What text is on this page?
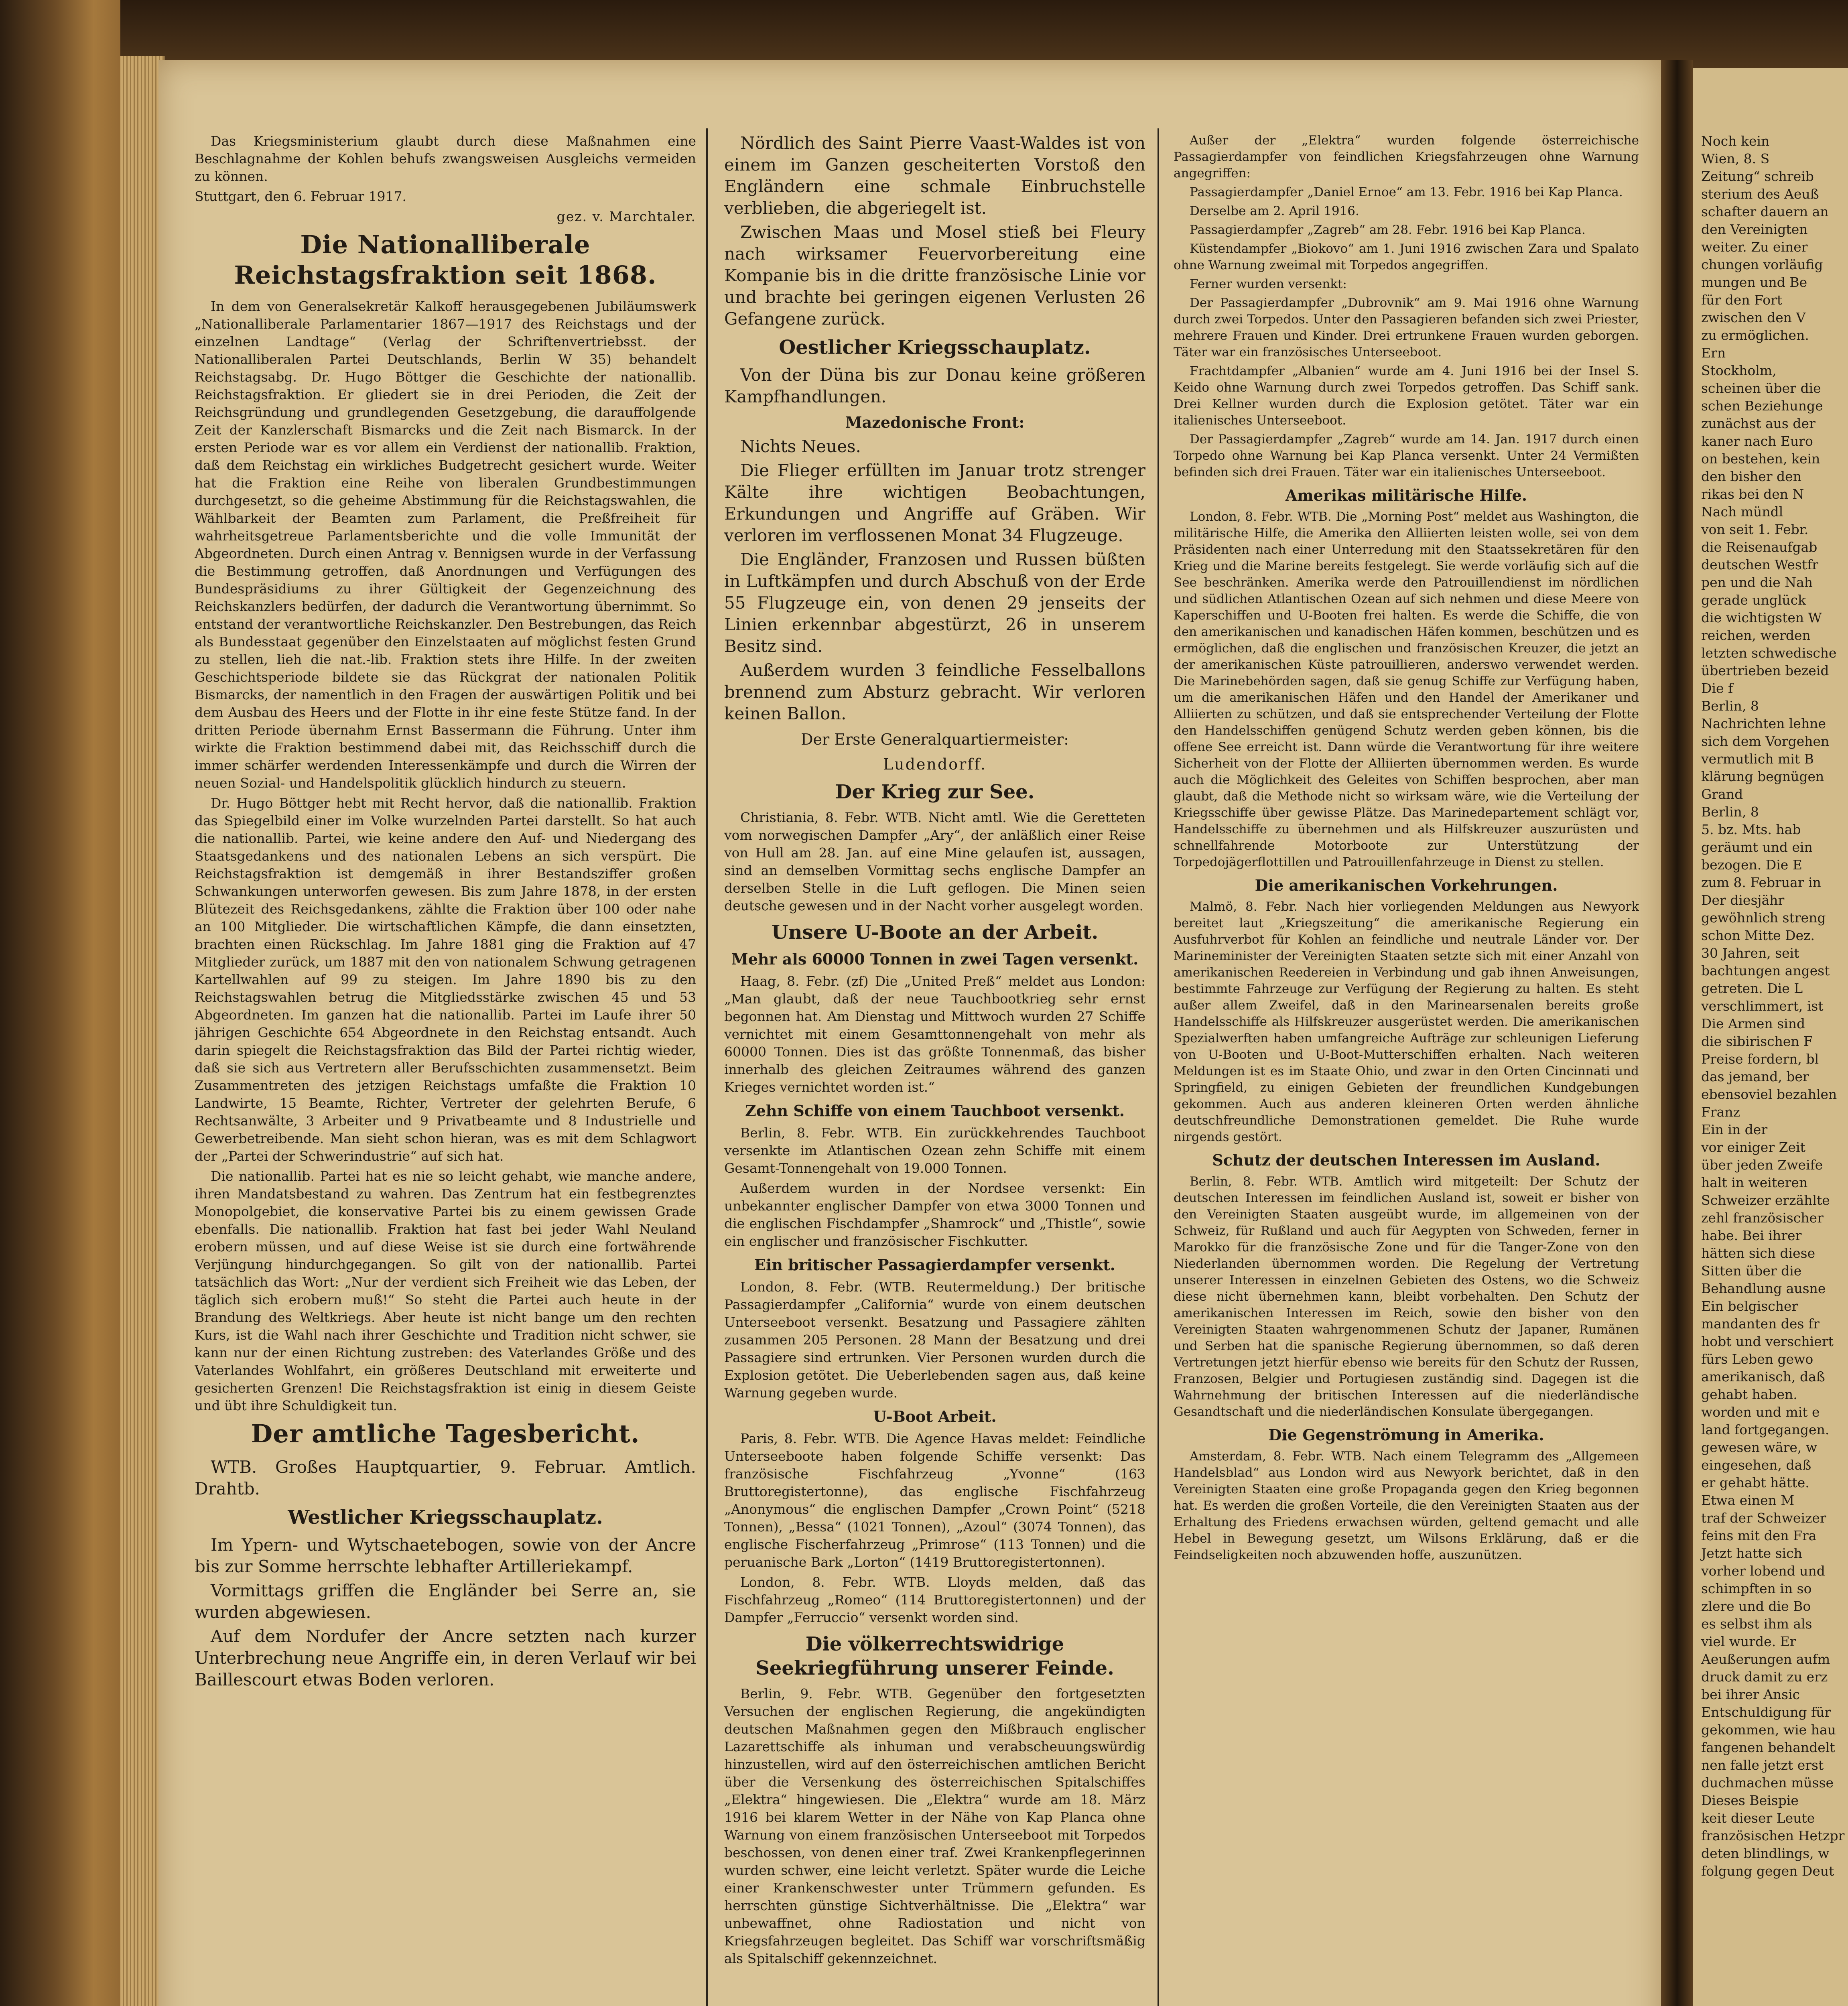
Das Kriegsministerium glaubt durch diese Maßnahmen eine Beschlagnahme der Kohlen behufs zwangsweisen Ausgleichs vermeiden zu können.

Stuttgart, den 6. Februar 1917.

gez. v. Marchtaler.
Die Nationalliberale Reichstagsfraktion seit 1868.

In dem von Generalsekretär Kalkoff herausgegebenen Jubiläumswerk „Nationalliberale Parlamentarier 1867—1917 des Reichstags und der einzelnen Landtage“ (Verlag der Schriftenvertriebsst. der Nationalliberalen Partei Deutschlands, Berlin W 35) behandelt Reichstagsabg. Dr. Hugo Böttger die Geschichte der nationallib. Reichstagsfraktion. Er gliedert sie in drei Perioden, die Zeit der Reichsgründung und grundlegenden Gesetzgebung, die darauffolgende Zeit der Kanzlerschaft Bismarcks und die Zeit nach Bismarck. In der ersten Periode war es vor allem ein Verdienst der nationallib. Fraktion, daß dem Reichstag ein wirkliches Budgetrecht gesichert wurde. Weiter hat die Fraktion eine Reihe von liberalen Grundbestimmungen durchgesetzt, so die geheime Abstimmung für die Reichstagswahlen, die Wählbarkeit der Beamten zum Parlament, die Preßfreiheit für wahrheitsgetreue Parlamentsberichte und die volle Immunität der Abgeordneten. Durch einen Antrag v. Bennigsen wurde in der Verfassung die Bestimmung getroffen, daß Anordnungen und Verfügungen des Bundespräsidiums zu ihrer Gültigkeit der Gegenzeichnung des Reichskanzlers bedürfen, der dadurch die Verantwortung übernimmt. So entstand der verantwortliche Reichskanzler. Den Bestrebungen, das Reich als Bundesstaat gegenüber den Einzelstaaten auf möglichst festen Grund zu stellen, lieh die nat.-lib. Fraktion stets ihre Hilfe. In der zweiten Geschichtsperiode bildete sie das Rückgrat der nationalen Politik Bismarcks, der namentlich in den Fragen der auswärtigen Politik und bei dem Ausbau des Heers und der Flotte in ihr eine feste Stütze fand. In der dritten Periode übernahm Ernst Bassermann die Führung. Unter ihm wirkte die Fraktion bestimmend dabei mit, das Reichsschiff durch die immer schärfer werdenden Interessenkämpfe und durch die Wirren der neuen Sozial- und Handelspolitik glücklich hindurch zu steuern.

Dr. Hugo Böttger hebt mit Recht hervor, daß die nationallib. Fraktion das Spiegelbild einer im Volke wurzelnden Partei darstellt. So hat auch die nationallib. Partei, wie keine andere den Auf- und Niedergang des Staatsgedankens und des nationalen Lebens an sich verspürt. Die Reichstagsfraktion ist demgemäß in ihrer Bestandsziffer großen Schwankungen unterworfen gewesen. Bis zum Jahre 1878, in der ersten Blütezeit des Reichsgedankens, zählte die Fraktion über 100 oder nahe an 100 Mitglieder. Die wirtschaftlichen Kämpfe, die dann einsetzten, brachten einen Rückschlag. Im Jahre 1881 ging die Fraktion auf 47 Mitglieder zurück, um 1887 mit den von nationalem Schwung getragenen Kartellwahlen auf 99 zu steigen. Im Jahre 1890 bis zu den Reichstagswahlen betrug die Mitgliedsstärke zwischen 45 und 53 Abgeordneten. Im ganzen hat die nationallib. Partei im Laufe ihrer 50 jährigen Geschichte 654 Abgeordnete in den Reichstag entsandt. Auch darin spiegelt die Reichstagsfraktion das Bild der Partei richtig wieder, daß sie sich aus Vertretern aller Berufsschichten zusammensetzt. Beim Zusammentreten des jetzigen Reichstags umfaßte die Fraktion 10 Landwirte, 15 Beamte, Richter, Vertreter der gelehrten Berufe, 6 Rechtsanwälte, 3 Arbeiter und 9 Privatbeamte und 8 Industrielle und Gewerbetreibende. Man sieht schon hieran, was es mit dem Schlagwort der „Partei der Schwerindustrie“ auf sich hat.

Die nationallib. Partei hat es nie so leicht gehabt, wie manche andere, ihren Mandatsbestand zu wahren. Das Zentrum hat ein festbegrenztes Monopolgebiet, die konservative Partei bis zu einem gewissen Grade ebenfalls. Die nationallib. Fraktion hat fast bei jeder Wahl Neuland erobern müssen, und auf diese Weise ist sie durch eine fortwährende Verjüngung hindurchgegangen. So gilt von der nationallib. Partei tatsächlich das Wort: „Nur der verdient sich Freiheit wie das Leben, der täglich sich erobern muß!“ So steht die Partei auch heute in der Brandung des Weltkriegs. Aber heute ist nicht bange um den rechten Kurs, ist die Wahl nach ihrer Geschichte und Tradition nicht schwer, sie kann nur der einen Richtung zustreben: des Vaterlandes Größe und des Vaterlandes Wohlfahrt, ein größeres Deutschland mit erweiterte und gesicherten Grenzen! Die Reichstagsfraktion ist einig in diesem Geiste und übt ihre Schuldigkeit tun.

Der amtliche Tagesbericht.

WTB. Großes Hauptquartier, 9. Februar. Amtlich. Drahtb.

Westlicher Kriegsschauplatz.

Im Ypern- und Wytschaetebogen, sowie von der Ancre bis zur Somme herrschte lebhafter Artilleriekampf.

Vormittags griffen die Engländer bei Serre an, sie wurden abgewiesen.

Auf dem Nordufer der Ancre setzten nach kurzer Unterbrechung neue Angriffe ein, in deren Verlauf wir bei Baillescourt etwas Boden verloren.

Nördlich des Saint Pierre Vaast-Waldes ist von einem im Ganzen gescheiterten Vorstoß den Engländern eine schmale Einbruchstelle verblieben, die abgeriegelt ist.

Zwischen Maas und Mosel stieß bei Fleury nach wirksamer Feuervorbereitung eine Kompanie bis in die dritte französische Linie vor und brachte bei geringen eigenen Verlusten 26 Gefangene zurück.

Oestlicher Kriegsschauplatz.

Von der Düna bis zur Donau keine größeren Kampfhandlungen.

Mazedonische Front:

Nichts Neues.

Die Flieger erfüllten im Januar trotz strenger Kälte ihre wichtigen Beobachtungen, Erkundungen und Angriffe auf Gräben. Wir verloren im verflossenen Monat 34 Flugzeuge.

Die Engländer, Franzosen und Russen büßten in Luftkämpfen und durch Abschuß von der Erde 55 Flugzeuge ein, von denen 29 jenseits der Linien erkennbar abgestürzt, 26 in unserem Besitz sind.

Außerdem wurden 3 feindliche Fesselballons brennend zum Absturz gebracht. Wir verloren keinen Ballon.

Der Erste Generalquartiermeister:
Ludendorff.
Der Krieg zur See.

Christiania, 8. Febr. WTB. Nicht amtl. Wie die Geretteten vom norwegischen Dampfer „Ary“, der anläßlich einer Reise von Hull am 28. Jan. auf eine Mine gelaufen ist, aussagen, sind an demselben Vormittag sechs englische Dampfer an derselben Stelle in die Luft geflogen. Die Minen seien deutsche gewesen und in der Nacht vorher ausgelegt worden.

Unsere U-Boote an der Arbeit.
Mehr als 60000 Tonnen in zwei Tagen versenkt.

Haag, 8. Febr. (zf) Die „United Preß“ meldet aus London: „Man glaubt, daß der neue Tauchbootkrieg sehr ernst begonnen hat. Am Dienstag und Mittwoch wurden 27 Schiffe vernichtet mit einem Gesamttonnengehalt von mehr als 60000 Tonnen. Dies ist das größte Tonnenmaß, das bisher innerhalb des gleichen Zeitraumes während des ganzen Krieges vernichtet worden ist.“

Zehn Schiffe von einem Tauchboot versenkt.

Berlin, 8. Febr. WTB. Ein zurückkehrendes Tauchboot versenkte im Atlantischen Ozean zehn Schiffe mit einem Gesamt-Tonnengehalt von 19.000 Tonnen.

Außerdem wurden in der Nordsee versenkt: Ein unbekannter englischer Dampfer von etwa 3000 Tonnen und die englischen Fischdampfer „Shamrock“ und „Thistle“, sowie ein englischer und französischer Fischkutter.

Ein britischer Passagierdampfer versenkt.

London, 8. Febr. (WTB. Reutermeldung.) Der britische Passagierdampfer „California“ wurde von einem deutschen Unterseeboot versenkt. Besatzung und Passagiere zählten zusammen 205 Personen. 28 Mann der Besatzung und drei Passagiere sind ertrunken. Vier Personen wurden durch die Explosion getötet. Die Ueberlebenden sagen aus, daß keine Warnung gegeben wurde.

U-Boot Arbeit.

Paris, 8. Febr. WTB. Die Agence Havas meldet: Feindliche Unterseeboote haben folgende Schiffe versenkt: Das französische Fischfahrzeug „Yvonne“ (163 Bruttoregistertonne), das englische Fischfahrzeug „Anonymous“ die englischen Dampfer „Crown Point“ (5218 Tonnen), „Bessa“ (1021 Tonnen), „Azoul“ (3074 Tonnen), das englische Fischerfahrzeug „Primrose“ (113 Tonnen) und die peruanische Bark „Lorton“ (1419 Bruttoregistertonnen).

London, 8. Febr. WTB. Lloyds melden, daß das Fischfahrzeug „Romeo“ (114 Bruttoregistertonnen) und der Dampfer „Ferruccio“ versenkt worden sind.

Die völkerrechtswidrige Seekriegführung unserer Feinde.

Berlin, 9. Febr. WTB. Gegenüber den fortgesetzten Versuchen der englischen Regierung, die angekündigten deutschen Maßnahmen gegen den Mißbrauch englischer Lazarettschiffe als inhuman und verabscheuungswürdig hinzustellen, wird auf den österreichischen amtlichen Bericht über die Versenkung des österreichischen Spitalschiffes „Elektra“ hingewiesen. Die „Elektra“ wurde am 18. März 1916 bei klarem Wetter in der Nähe von Kap Planca ohne Warnung von einem französischen Unterseeboot mit Torpedos beschossen, von denen einer traf. Zwei Krankenpflegerinnen wurden schwer, eine leicht verletzt. Später wurde die Leiche einer Krankenschwester unter Trümmern gefunden. Es herrschten günstige Sichtverhältnisse. Die „Elektra“ war unbewaffnet, ohne Radiostation und nicht von Kriegsfahrzeugen begleitet. Das Schiff war vorschriftsmäßig als Spitalschiff gekennzeichnet.

Außer der „Elektra“ wurden folgende österreichische Passagierdampfer von feindlichen Kriegsfahrzeugen ohne Warnung angegriffen:

Passagierdampfer „Daniel Ernoe“ am 13. Febr. 1916 bei Kap Planca.

Derselbe am 2. April 1916.

Passagierdampfer „Zagreb“ am 28. Febr. 1916 bei Kap Planca.

Küstendampfer „Biokovo“ am 1. Juni 1916 zwischen Zara und Spalato ohne Warnung zweimal mit Torpedos angegriffen.

Ferner wurden versenkt:

Der Passagierdampfer „Dubrovnik“ am 9. Mai 1916 ohne Warnung durch zwei Torpedos. Unter den Passagieren befanden sich zwei Priester, mehrere Frauen und Kinder. Drei ertrunkene Frauen wurden geborgen. Täter war ein französisches Unterseeboot.

Frachtdampfer „Albanien“ wurde am 4. Juni 1916 bei der Insel S. Keido ohne Warnung durch zwei Torpedos getroffen. Das Schiff sank. Drei Kellner wurden durch die Explosion getötet. Täter war ein italienisches Unterseeboot.

Der Passagierdampfer „Zagreb“ wurde am 14. Jan. 1917 durch einen Torpedo ohne Warnung bei Kap Planca versenkt. Unter 24 Vermißten befinden sich drei Frauen. Täter war ein italienisches Unterseeboot.

Amerikas militärische Hilfe.

London, 8. Febr. WTB. Die „Morning Post“ meldet aus Washington, die militärische Hilfe, die Amerika den Alliierten leisten wolle, sei von dem Präsidenten nach einer Unterredung mit den Staatssekretären für den Krieg und die Marine bereits festgelegt. Sie werde vorläufig sich auf die See beschränken. Amerika werde den Patrouillendienst im nördlichen und südlichen Atlantischen Ozean auf sich nehmen und diese Meere von Kaperschiffen und U-Booten frei halten. Es werde die Schiffe, die von den amerikanischen und kanadischen Häfen kommen, beschützen und es ermöglichen, daß die englischen und französischen Kreuzer, die jetzt an der amerikanischen Küste patrouillieren, anderswo verwendet werden. Die Marinebehörden sagen, daß sie genug Schiffe zur Verfügung haben, um die amerikanischen Häfen und den Handel der Amerikaner und Alliierten zu schützen, und daß sie entsprechender Verteilung der Flotte den Handelsschiffen genügend Schutz werden geben können, bis die offene See erreicht ist. Dann würde die Verantwortung für ihre weitere Sicherheit von der Flotte der Alliierten übernommen werden. Es wurde auch die Möglichkeit des Geleites von Schiffen besprochen, aber man glaubt, daß die Methode nicht so wirksam wäre, wie die Verteilung der Kriegsschiffe über gewisse Plätze. Das Marinedepartement schlägt vor, Handelsschiffe zu übernehmen und als Hilfskreuzer auszurüsten und schnellfahrende Motorboote zur Unterstützung der Torpedojägerflottillen und Patrouillenfahrzeuge in Dienst zu stellen.

Die amerikanischen Vorkehrungen.

Malmö, 8. Febr. Nach hier vorliegenden Meldungen aus Newyork bereitet laut „Kriegszeitung“ die amerikanische Regierung ein Ausfuhrverbot für Kohlen an feindliche und neutrale Länder vor. Der Marineminister der Vereinigten Staaten setzte sich mit einer Anzahl von amerikanischen Reedereien in Verbindung und gab ihnen Anweisungen, bestimmte Fahrzeuge zur Verfügung der Regierung zu halten. Es steht außer allem Zweifel, daß in den Marinearsenalen bereits große Handelsschiffe als Hilfskreuzer ausgerüstet werden. Die amerikanischen Spezialwerften haben umfangreiche Aufträge zur schleunigen Lieferung von U-Booten und U-Boot-Mutterschiffen erhalten. Nach weiteren Meldungen ist es im Staate Ohio, und zwar in den Orten Cincinnati und Springfield, zu einigen Gebieten der freundlichen Kundgebungen gekommen. Auch aus anderen kleineren Orten werden ähnliche deutschfreundliche Demonstrationen gemeldet. Die Ruhe wurde nirgends gestört.

Schutz der deutschen Interessen im Ausland.

Berlin, 8. Febr. WTB. Amtlich wird mitgeteilt: Der Schutz der deutschen Interessen im feindlichen Ausland ist, soweit er bisher von den Vereinigten Staaten ausgeübt wurde, im allgemeinen von der Schweiz, für Rußland und auch für Aegypten von Schweden, ferner in Marokko für die französische Zone und für die Tanger-Zone von den Niederlanden übernommen worden. Die Regelung der Vertretung unserer Interessen in einzelnen Gebieten des Ostens, wo die Schweiz diese nicht übernehmen kann, bleibt vorbehalten. Den Schutz der amerikanischen Interessen im Reich, sowie den bisher von den Vereinigten Staaten wahrgenommenen Schutz der Japaner, Rumänen und Serben hat die spanische Regierung übernommen, so daß deren Vertretungen jetzt hierfür ebenso wie bereits für den Schutz der Russen, Franzosen, Belgier und Portugiesen zuständig sind. Dagegen ist die Wahrnehmung der britischen Interessen auf die niederländische Gesandtschaft und die niederländischen Konsulate übergegangen.

Die Gegenströmung in Amerika.

Amsterdam, 8. Febr. WTB. Nach einem Telegramm des „Allgemeen Handelsblad“ aus London wird aus Newyork berichtet, daß in den Vereinigten Staaten eine große Propaganda gegen den Krieg begonnen hat. Es werden die großen Vorteile, die den Vereinigten Staaten aus der Erhaltung des Friedens erwachsen würden, geltend gemacht und alle Hebel in Bewegung gesetzt, um Wilsons Erklärung, daß er die Feindseligkeiten noch abzuwenden hoffe, auszunützen.

Noch kein
Wien, 8. S
Zeitung“ schreib
sterium des Aeuß
schafter dauern an
den Vereinigten
weiter. Zu einer
chungen vorläufig
mungen und Be
für den Fort
zwischen den V
zu ermöglichen.
Ern
Stockholm,
scheinen über die
schen Beziehunge
zunächst aus der
kaner nach Euro
on bestehen, kein
den bisher den
rikas bei den N
Nach mündl
von seit 1. Febr.
die Reisenaufgab
deutschen Westfr
pen und die Nah
gerade unglück
die wichtigsten W
reichen, werden
letzten schwedische
übertrieben bezeid
Die f
Berlin, 8
Nachrichten lehne
sich dem Vorgehen
vermutlich mit B
klärung begnügen
Grand
Berlin, 8
5. bz. Mts. hab
geräumt und ein
bezogen. Die E
zum 8. Februar in
Der diesjähr
gewöhnlich streng
schon Mitte Dez.
30 Jahren, seit
bachtungen angest
getreten. Die L
verschlimmert, ist
Die Armen sind
die sibirischen F
Preise fordern, bl
das jemand, ber
ebensoviel bezahlen
Franz
Ein in der
vor einiger Zeit
über jeden Zweife
halt in weiteren
Schweizer erzählte
zehl französischer
habe. Bei ihrer
hätten sich diese
Sitten über die
Behandlung ausne
Ein belgischer
mandanten des fr
hobt und verschiert
fürs Leben gewo
amerikanisch, daß
gehabt haben.
worden und mit e
land fortgegangen.
gewesen wäre, w
eingesehen, daß
er gehabt hätte.
Etwa einen M
traf der Schweizer
feins mit den Fra
Jetzt hatte sich
vorher lobend und
schimpften in so
zlere und die Bo
es selbst ihm als
viel wurde. Er
Aeußerungen aufm
druck damit zu erz
bei ihrer Ansic
Entschuldigung für
gekommen, wie hau
fangenen behandelt
nen falle jetzt erst
duchmachen müsse
Dieses Beispie
keit dieser Leute
französischen Hetzpr
deten blindlings, w
folgung gegen Deut
